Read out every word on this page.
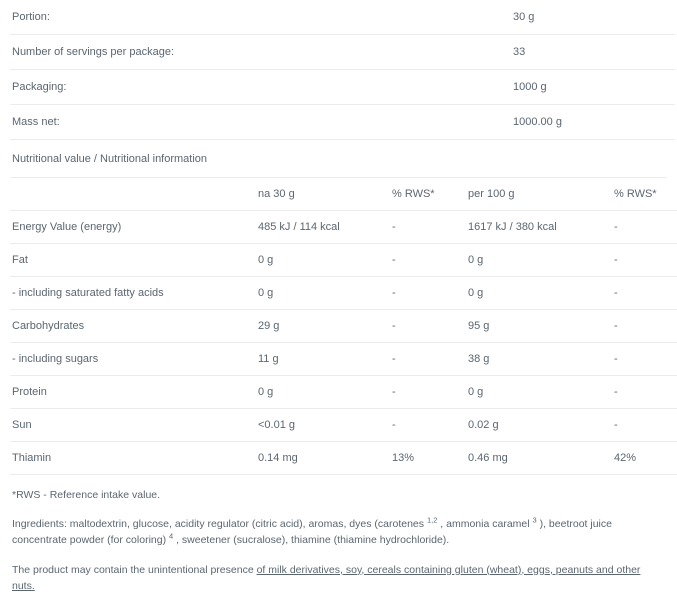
Portion:	30 g
Number of servings per package:	33
Packaging:	1000 g
Mass net:	1000.00 g
Nutritional value / Nutritional information
	na 30 g	% RWS*	per 100 g	% RWS*
Energy Value (energy)	485 kJ / 114 kcal	-	1617 kJ / 380 kcal	-
Fat	0 g	-	0 g	-
- including saturated fatty acids	0 g	-	0 g	-
Carbohydrates	29 g	-	95 g	-
- including sugars	11 g	-	38 g	-
Protein	0 g	-	0 g	-
Sun	<0.01 g	-	0.02 g	-
Thiamin	0.14 mg	13%	0.46 mg	42%
*RWS - Reference intake value.
Ingredients: maltodextrin, glucose, acidity regulator (citric acid), aromas, dyes (carotenes $^{1,2}$ , ammonia caramel $^3$ ), beetroot juice concentrate powder (for coloring) $^4$ , sweetener (sucralose), thiamine (thiamine hydrochloride).
The product may contain the unintentional presence of milk derivatives, soy, cereals containing gluten (wheat), eggs, peanuts and other nuts.
